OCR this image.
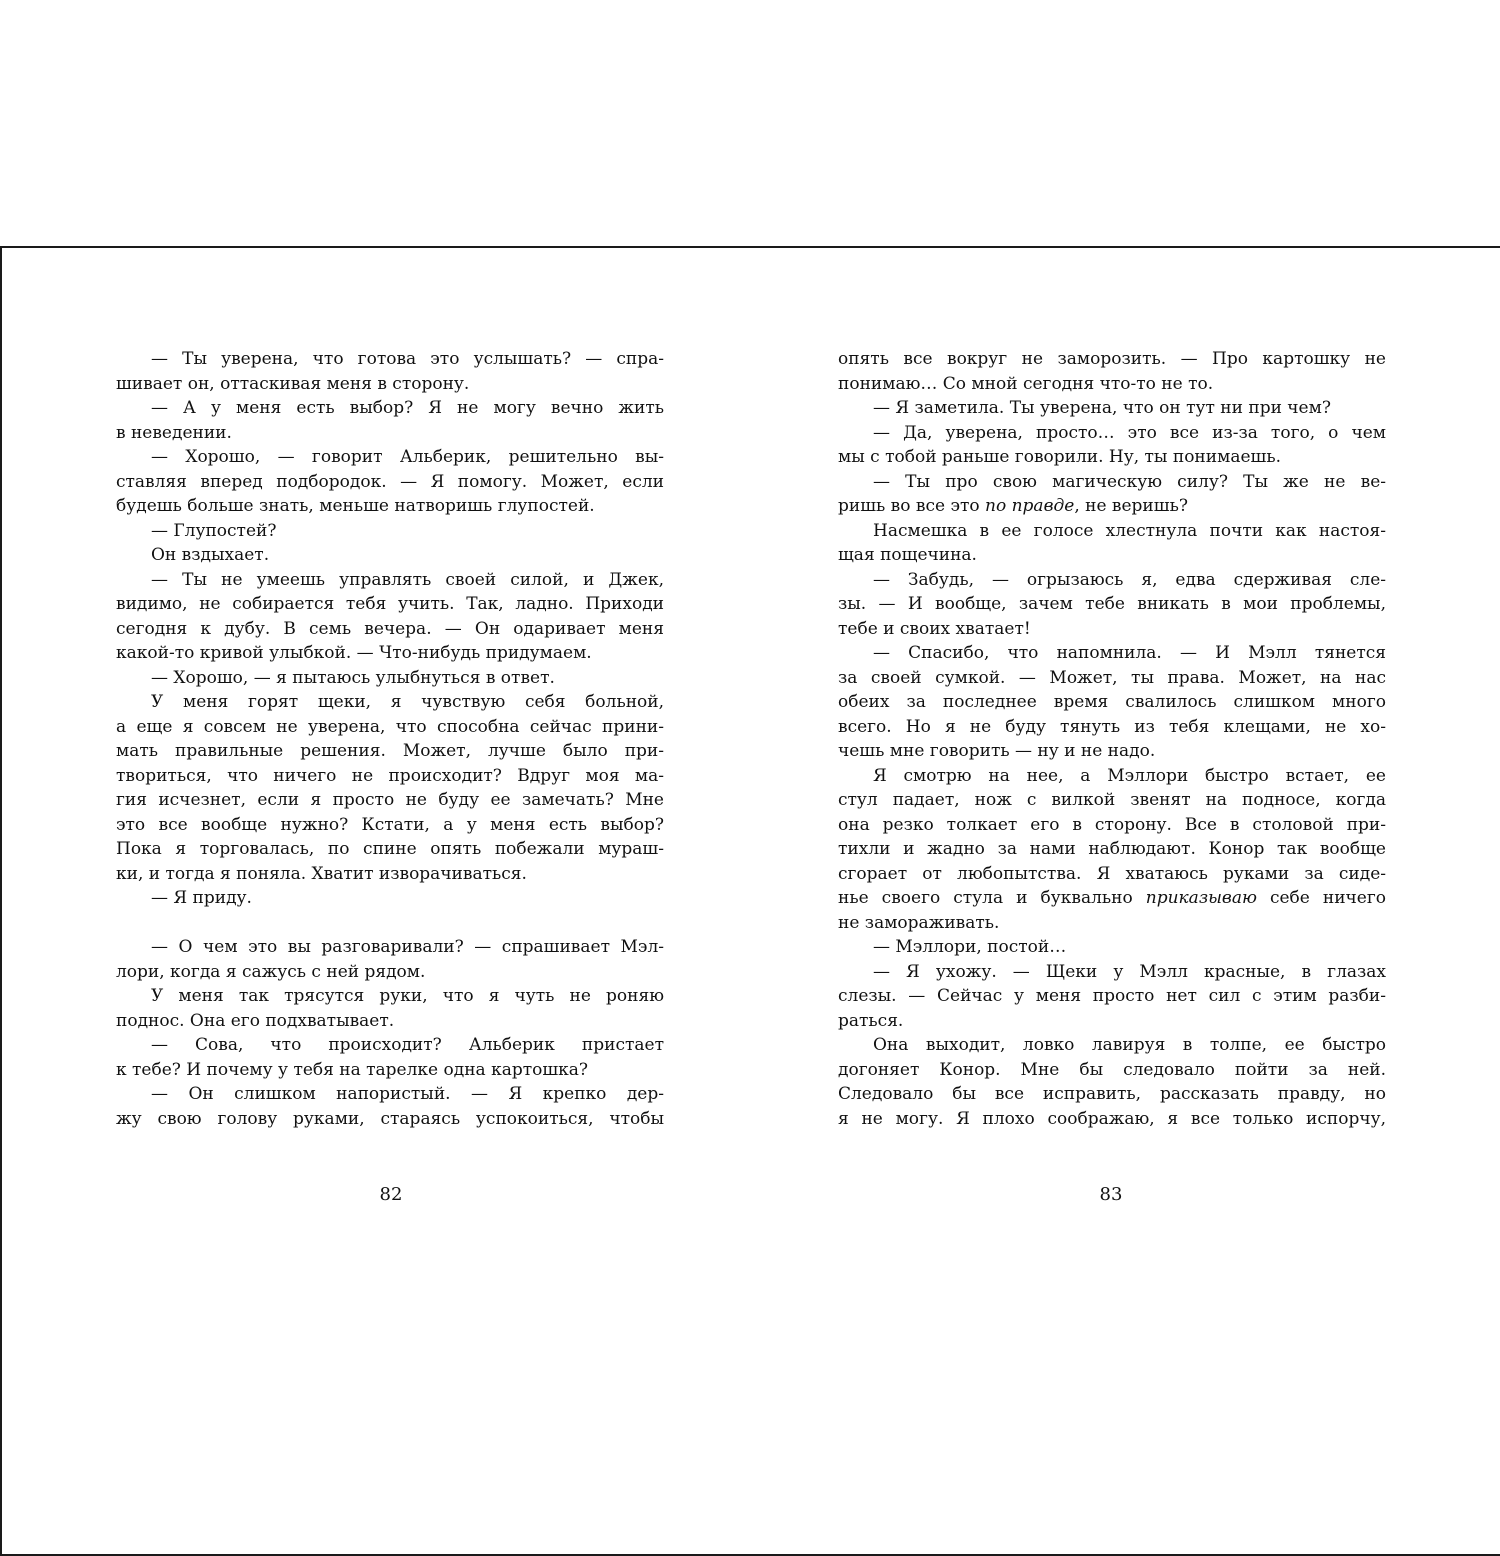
— Ты уверена, что готова это услышать? — спра-

шивает он, оттаскивая меня в сторону.

— А у меня есть выбор? Я не могу вечно жить

в неведении.

— Хорошо, — говорит Альберик, решительно вы-

ставляя вперед подбородок. — Я помогу. Может, если

будешь больше знать, меньше натворишь глупостей.

— Глупостей?

Он вздыхает.

— Ты не умеешь управлять своей силой, и Джек,

видимо, не собирается тебя учить. Так, ладно. Приходи

сегодня к дубу. В семь вечера. — Он одаривает меня

какой-то кривой улыбкой. — Что-нибудь придумаем.

— Хорошо, — я пытаюсь улыбнуться в ответ.

У меня горят щеки, я чувствую себя больной,

а еще я совсем не уверена, что способна сейчас прини-

мать правильные решения. Может, лучше было при-

твориться, что ничего не происходит? Вдруг моя ма-

гия исчезнет, если я просто не буду ее замечать? Мне

это все вообще нужно? Кстати, а у меня есть выбор?

Пока я торговалась, по спине опять побежали мураш-

ки, и тогда я поняла. Хватит изворачиваться.

— Я приду.

— О чем это вы разговаривали? — спрашивает Мэл-

лори, когда я сажусь с ней рядом.

У меня так трясутся руки, что я чуть не роняю

поднос. Она его подхватывает.

— Сова, что происходит? Альберик пристает

к тебе? И почему у тебя на тарелке одна картошка?

— Он слишком напористый. — Я крепко дер-

жу свою голову руками, стараясь успокоиться, чтобы

опять все вокруг не заморозить. — Про картошку не

понимаю… Со мной сегодня что-то не то.

— Я заметила. Ты уверена, что он тут ни при чем?

— Да, уверена, просто… это все из-за того, о чем

мы с тобой раньше говорили. Ну, ты понимаешь.

— Ты про свою магическую силу? Ты же не ве-

ришь во все это по правде, не веришь?

Насмешка в ее голосе хлестнула почти как настоя-

щая пощечина.

— Забудь, — огрызаюсь я, едва сдерживая сле-

зы. — И вообще, зачем тебе вникать в мои проблемы,

тебе и своих хватает!

— Спасибо, что напомнила. — И Мэлл тянется

за своей сумкой. — Может, ты права. Может, на нас

обеих за последнее время свалилось слишком много

всего. Но я не буду тянуть из тебя клещами, не хо-

чешь мне говорить — ну и не надо.

Я смотрю на нее, а Мэллори быстро встает, ее

стул падает, нож с вилкой звенят на подносе, когда

она резко толкает его в сторону. Все в столовой при-

тихли и жадно за нами наблюдают. Конор так вообще

сгорает от любопытства. Я хватаюсь руками за сиде-

нье своего стула и буквально приказываю себе ничего

не замораживать.

— Мэллори, постой…

— Я ухожу. — Щеки у Мэлл красные, в глазах

слезы. — Сейчас у меня просто нет сил с этим разби-

раться.

Она выходит, ловко лавируя в толпе, ее быстро

догоняет Конор. Мне бы следовало пойти за ней.

Следовало бы все исправить, рассказать правду, но

я не могу. Я плохо соображаю, я все только испорчу,

82	83
